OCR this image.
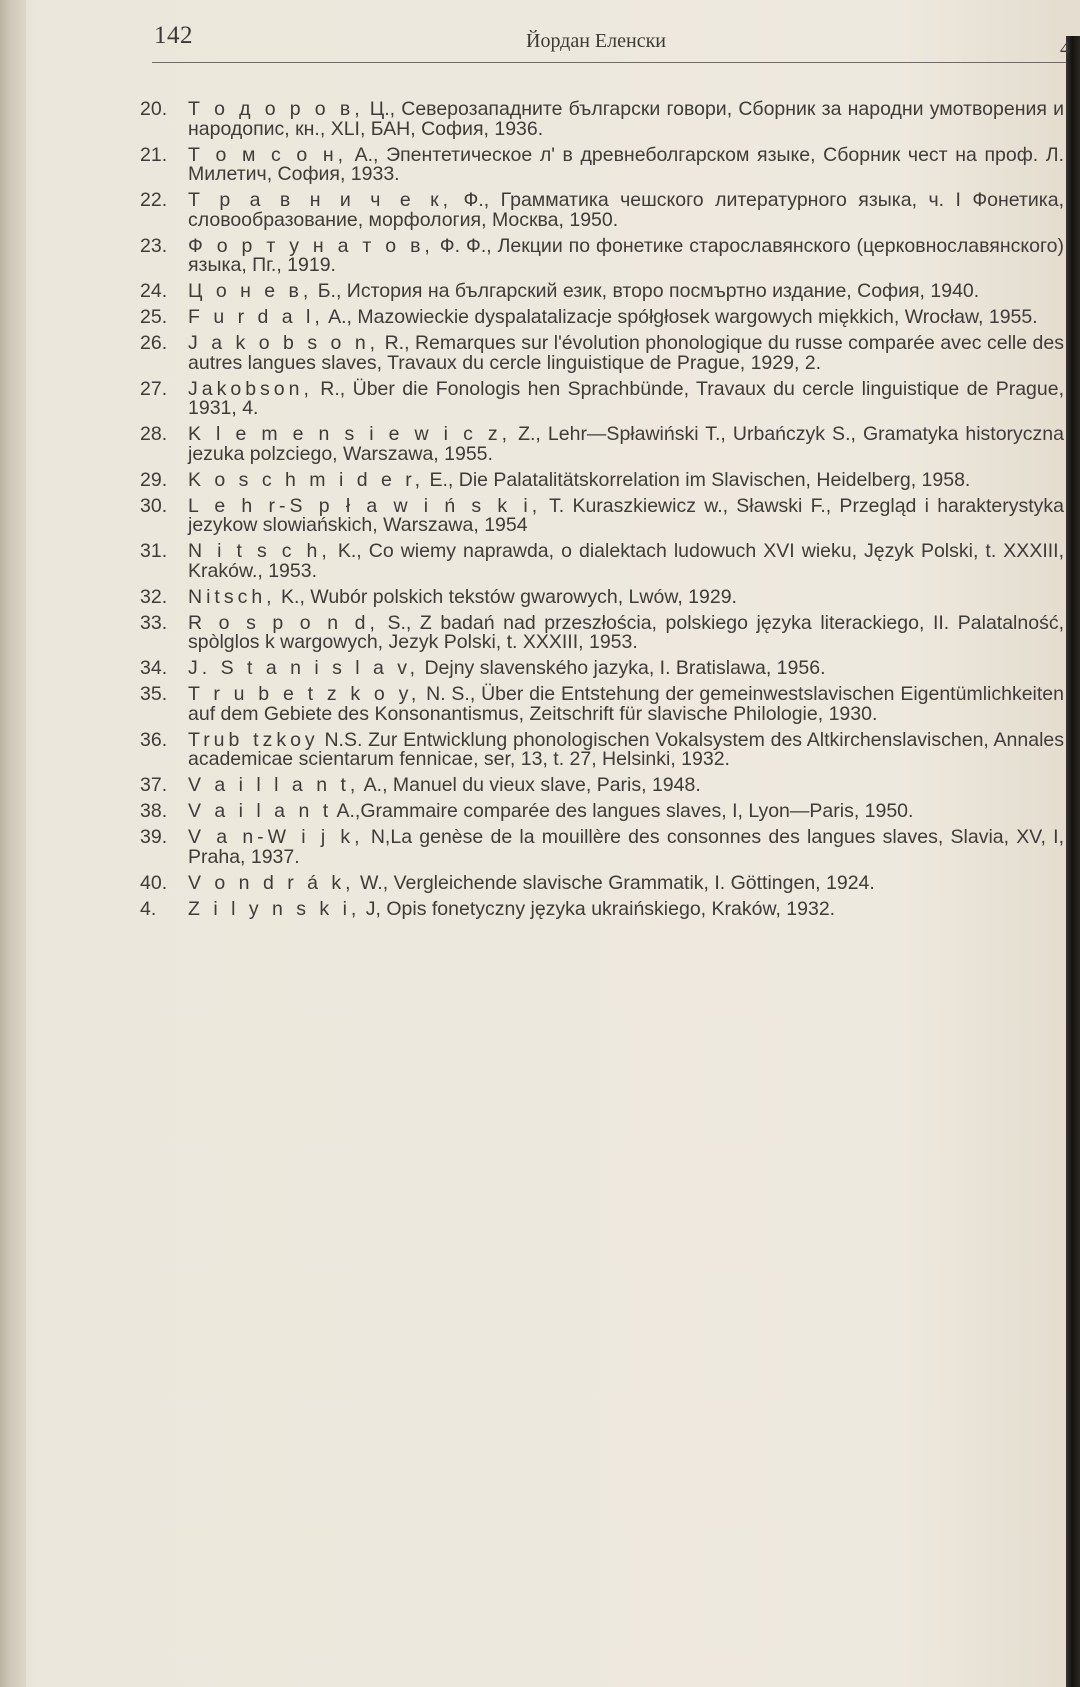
142	Йордан Еленски	4
20.	Т о д о р о в, Ц., Северозападните български говори, Сборник за народни умотворения и народопис, кн., XLI, БАН, София, 1936.
21.	Т о м с о н, А., Эпентетическое л' в древнеболгарском языке, Сборник чест на проф. Л. Милетич, София, 1933.
22.	Т р а в н и ч е к, Ф., Грамматика чешского литературного языка, ч. I Фонетика, словообразование, морфология, Москва, 1950.
23.	Ф о р т у н а т о в, Ф. Ф., Лекции по фонетике старославянского (церковнославянского) языка, Пг., 1919.
24.	Ц о н е в, Б., История на българский език, второ посмъртно издание, София, 1940.
25.	F u r d a l, A., Mazowieckie dyspalatalizacje spółgłosek wargowych miękkich, Wrocław, 1955.
26.	J a k o b s o n, R., Remarques sur l'évolution phonologique du russe comparée avec celle des autres langues slaves, Travaux du cercle linguistique de Prague, 1929, 2.
27.	Jakobson, R., Über die Fonologis hen Sprachbünde, Travaux du cercle linguistique de Prague, 1931, 4.
28.	K l e m e n s i e w i c z, Z., Lehr—Spławiński T., Urbańczyk S., Gramatyka historyczna jezuka polzciego, Warszawa, 1955.
29.	K o s c h m i d e r, E., Die Palatalitätskorrelation im Slavischen, Heidelberg, 1958.
30.	L e h r-S p ł a w i ń s k i, T. Kuraszkiewicz w., Sławski F., Przegląd i harakterystyka jezykow slowiańskich, Warszawa, 1954
31.	N i t s c h, K., Co wiemy naprawda, o dialektach ludowuch XVI wieku, Język Polski, t. XXXIII, Kraków., 1953.
32.	Nitsch, K., Wubór polskich tekstów gwarowych, Lwów, 1929.
33.	R o s p o n d, S., Z badań nad przeszłościa, polskiego języka literackiego, II. Palatalność, spòlglos k wargowych, Jezyk Polski, t. XXXIII, 1953.
34.	J. S t a n i s l a v, Dejny slavenského jazyka, I. Bratislawa, 1956.
35.	T r u b e t z k o y, N. S., Über die Entstehung der gemeinwestslavischen Eigentümlichkeiten auf dem Gebiete des Konsonantismus, Zeitschrift für slavische Philologie, 1930.
36.	Trub tzkoy N.S. Zur Entwicklung phonologischen Vokalsystem des Altkirchenslavischen, Annales academicae scientarum fennicae, ser, 13, t. 27, Helsinki, 1932.
37.	V a i l l a n t, A., Manuel du vieux slave, Paris, 1948.
38.	V a i l a n t A.,Grammaire comparée des langues slaves, I, Lyon—Paris, 1950.
39.	V a n-W i j k, N,La genèse de la mouillère des consonnes des langues slaves, Slavia, XV, I, Praha, 1937.
40.	V o n d r á k, W., Vergleichende slavische Grammatik, I. Göttingen, 1924.
4.	Z i l y n s k i, J, Opis fonetyczny języka ukraińskiego, Kraków, 1932.
